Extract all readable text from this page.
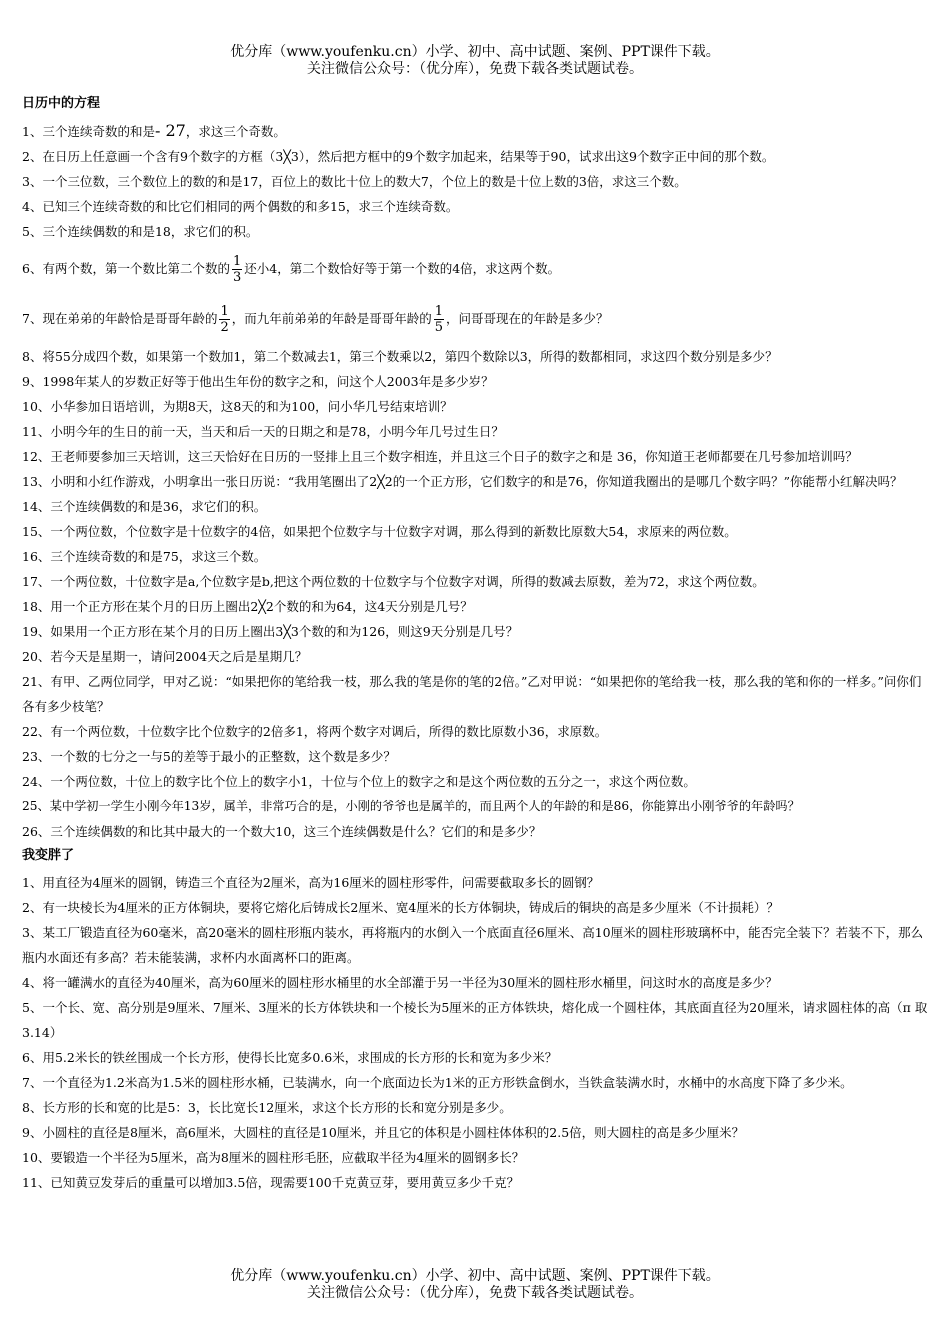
优分库（www.youfenku.cn）小学、初中、高中试题、案例、PPT课件下载。
关注微信公众号：（优分库），免费下载各类试题试卷。
日历中的方程

1、三个连续奇数的和是- 27，求这三个奇数。

2、在日历上任意画一个含有9个数字的方框（3╳3），然后把方框中的9个数字加起来，结果等于90，试求出这9个数字正中间的那个数。

3、一个三位数，三个数位上的数的和是17，百位上的数比十位上的数大7，个位上的数是十位上数的3倍，求这三个数。

4、已知三个连续奇数的和比它们相同的两个偶数的和多15，求三个连续奇数。

5、三个连续偶数的和是18，求它们的积。

6、有两个数，第一个数比第二个数的 $\frac{1}{3}$ 还小4，第二个数恰好等于第一个数的4倍，求这两个数。

7、现在弟弟的年龄恰是哥哥年龄的 $\frac{1}{2}$ ，而九年前弟弟的年龄是哥哥年龄的 $\frac{1}{5}$ ，问哥哥现在的年龄是多少？

8、将55分成四个数，如果第一个数加1，第二个数减去1，第三个数乘以2，第四个数除以3，所得的数都相同，求这四个数分别是多少？

9、1998年某人的岁数正好等于他出生年份的数字之和，问这个人2003年是多少岁？

10、小华参加日语培训，为期8天，这8天的和为100，问小华几号结束培训？

11、小明今年的生日的前一天，当天和后一天的日期之和是78，小明今年几号过生日？

12、王老师要参加三天培训，这三天恰好在日历的一竖排上且三个数字相连，并且这三个日子的数字之和是 36，你知道王老师都要在几号参加培训吗？

13、小明和小红作游戏，小明拿出一张日历说：“我用笔圈出了2╳2的一个正方形，它们数字的和是76，你知道我圈出的是哪几个数字吗？”你能帮小红解决吗？

14、三个连续偶数的和是36，求它们的积。

15、一个两位数，个位数字是十位数字的4倍，如果把个位数字与十位数字对调，那么得到的新数比原数大54，求原来的两位数。

16、三个连续奇数的和是75，求这三个数。

17、一个两位数，十位数字是a,个位数字是b,把这个两位数的十位数字与个位数字对调，所得的数减去原数，差为72，求这个两位数。

18、用一个正方形在某个月的日历上圈出2╳2个数的和为64，这4天分别是几号？

19、如果用一个正方形在某个月的日历上圈出3╳3个数的和为126，则这9天分别是几号？

20、若今天是星期一，请问2004天之后是星期几？

21、有甲、乙两位同学，甲对乙说：“如果把你的笔给我一枝，那么我的笔是你的笔的2倍。”乙对甲说：“如果把你的笔给我一枝，那么我的笔和你的一样多。”问你们各有多少枝笔？

22、有一个两位数，十位数字比个位数字的2倍多1，将两个数字对调后，所得的数比原数小36，求原数。

23、一个数的七分之一与5的差等于最小的正整数，这个数是多少？

24、一个两位数，十位上的数字比个位上的数字小1，十位与个位上的数字之和是这个两位数的五分之一，求这个两位数。

25、某中学初一学生小刚今年13岁，属羊，非常巧合的是，小刚的爷爷也是属羊的，而且两个人的年龄的和是86，你能算出小刚爷爷的年龄吗？

26、三个连续偶数的和比其中最大的一个数大10，这三个连续偶数是什么？它们的和是多少？

我变胖了

1、用直径为4厘米的圆钢，铸造三个直径为2厘米，高为16厘米的圆柱形零件，问需要截取多长的圆钢？

2、有一块棱长为4厘米的正方体铜块，要将它熔化后铸成长2厘米、宽4厘米的长方体铜块，铸成后的铜块的高是多少厘米（不计损耗）？

3、某工厂锻造直径为60毫米，高20毫米的圆柱形瓶内装水，再将瓶内的水倒入一个底面直径6厘米、高10厘米的圆柱形玻璃杯中，能否完全装下？若装不下，那么瓶内水面还有多高？若未能装满，求杯内水面离杯口的距离。

4、将一罐满水的直径为40厘米，高为60厘米的圆柱形水桶里的水全部灌于另一半径为30厘米的圆柱形水桶里，问这时水的高度是多少？

5、一个长、宽、高分别是9厘米、7厘米、3厘米的长方体铁块和一个棱长为5厘米的正方体铁块，熔化成一个圆柱体，其底面直径为20厘米，请求圆柱体的高（π 取3.14）

6、用5.2米长的铁丝围成一个长方形，使得长比宽多0.6米，求围成的长方形的长和宽为多少米？

7、一个直径为1.2米高为1.5米的圆柱形水桶，已装满水，向一个底面边长为1米的正方形铁盒倒水，当铁盒装满水时，水桶中的水高度下降了多少米。

8、长方形的长和宽的比是5：3，长比宽长12厘米，求这个长方形的长和宽分别是多少。

9、小圆柱的直径是8厘米，高6厘米，大圆柱的直径是10厘米，并且它的体积是小圆柱体体积的2.5倍，则大圆柱的高是多少厘米？

10、要锻造一个半径为5厘米，高为8厘米的圆柱形毛胚，应截取半径为4厘米的圆钢多长？

11、已知黄豆发芽后的重量可以增加3.5倍，现需要100千克黄豆芽，要用黄豆多少千克？

优分库（www.youfenku.cn）小学、初中、高中试题、案例、PPT课件下载。
关注微信公众号：（优分库），免费下载各类试题试卷。
